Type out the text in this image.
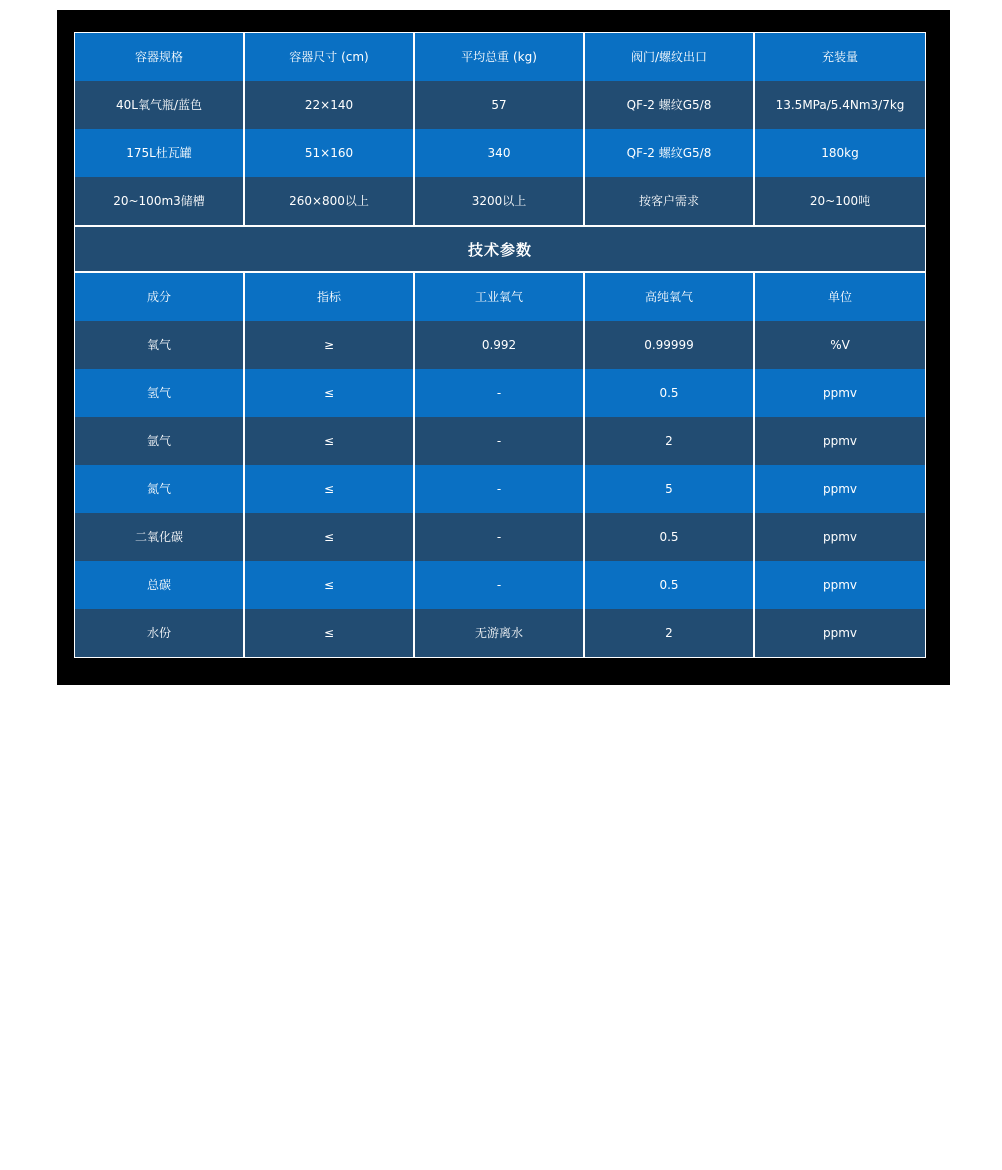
容器规格	容器尺寸 (cm)	平均总重 (kg)	阀门/螺纹出口	充装量
40L氧气瓶/蓝色	22×140	57	QF-2 螺纹G5/8	13.5MPa/5.4Nm3/7kg
175L杜瓦罐	51×160	340	QF-2 螺纹G5/8	180kg
20~100m3储槽	260×800以上	3200以上	按客户需求	20~100吨
技术参数
成分	指标	工业氧气	高纯氧气	单位
氧气	≥	0.992	0.99999	%V
氢气	≤	-	0.5	ppmv
氩气	≤	-	2	ppmv
氮气	≤	-	5	ppmv
二氧化碳	≤	-	0.5	ppmv
总碳	≤	-	0.5	ppmv
水份	≤	无游离水	2	ppmv
